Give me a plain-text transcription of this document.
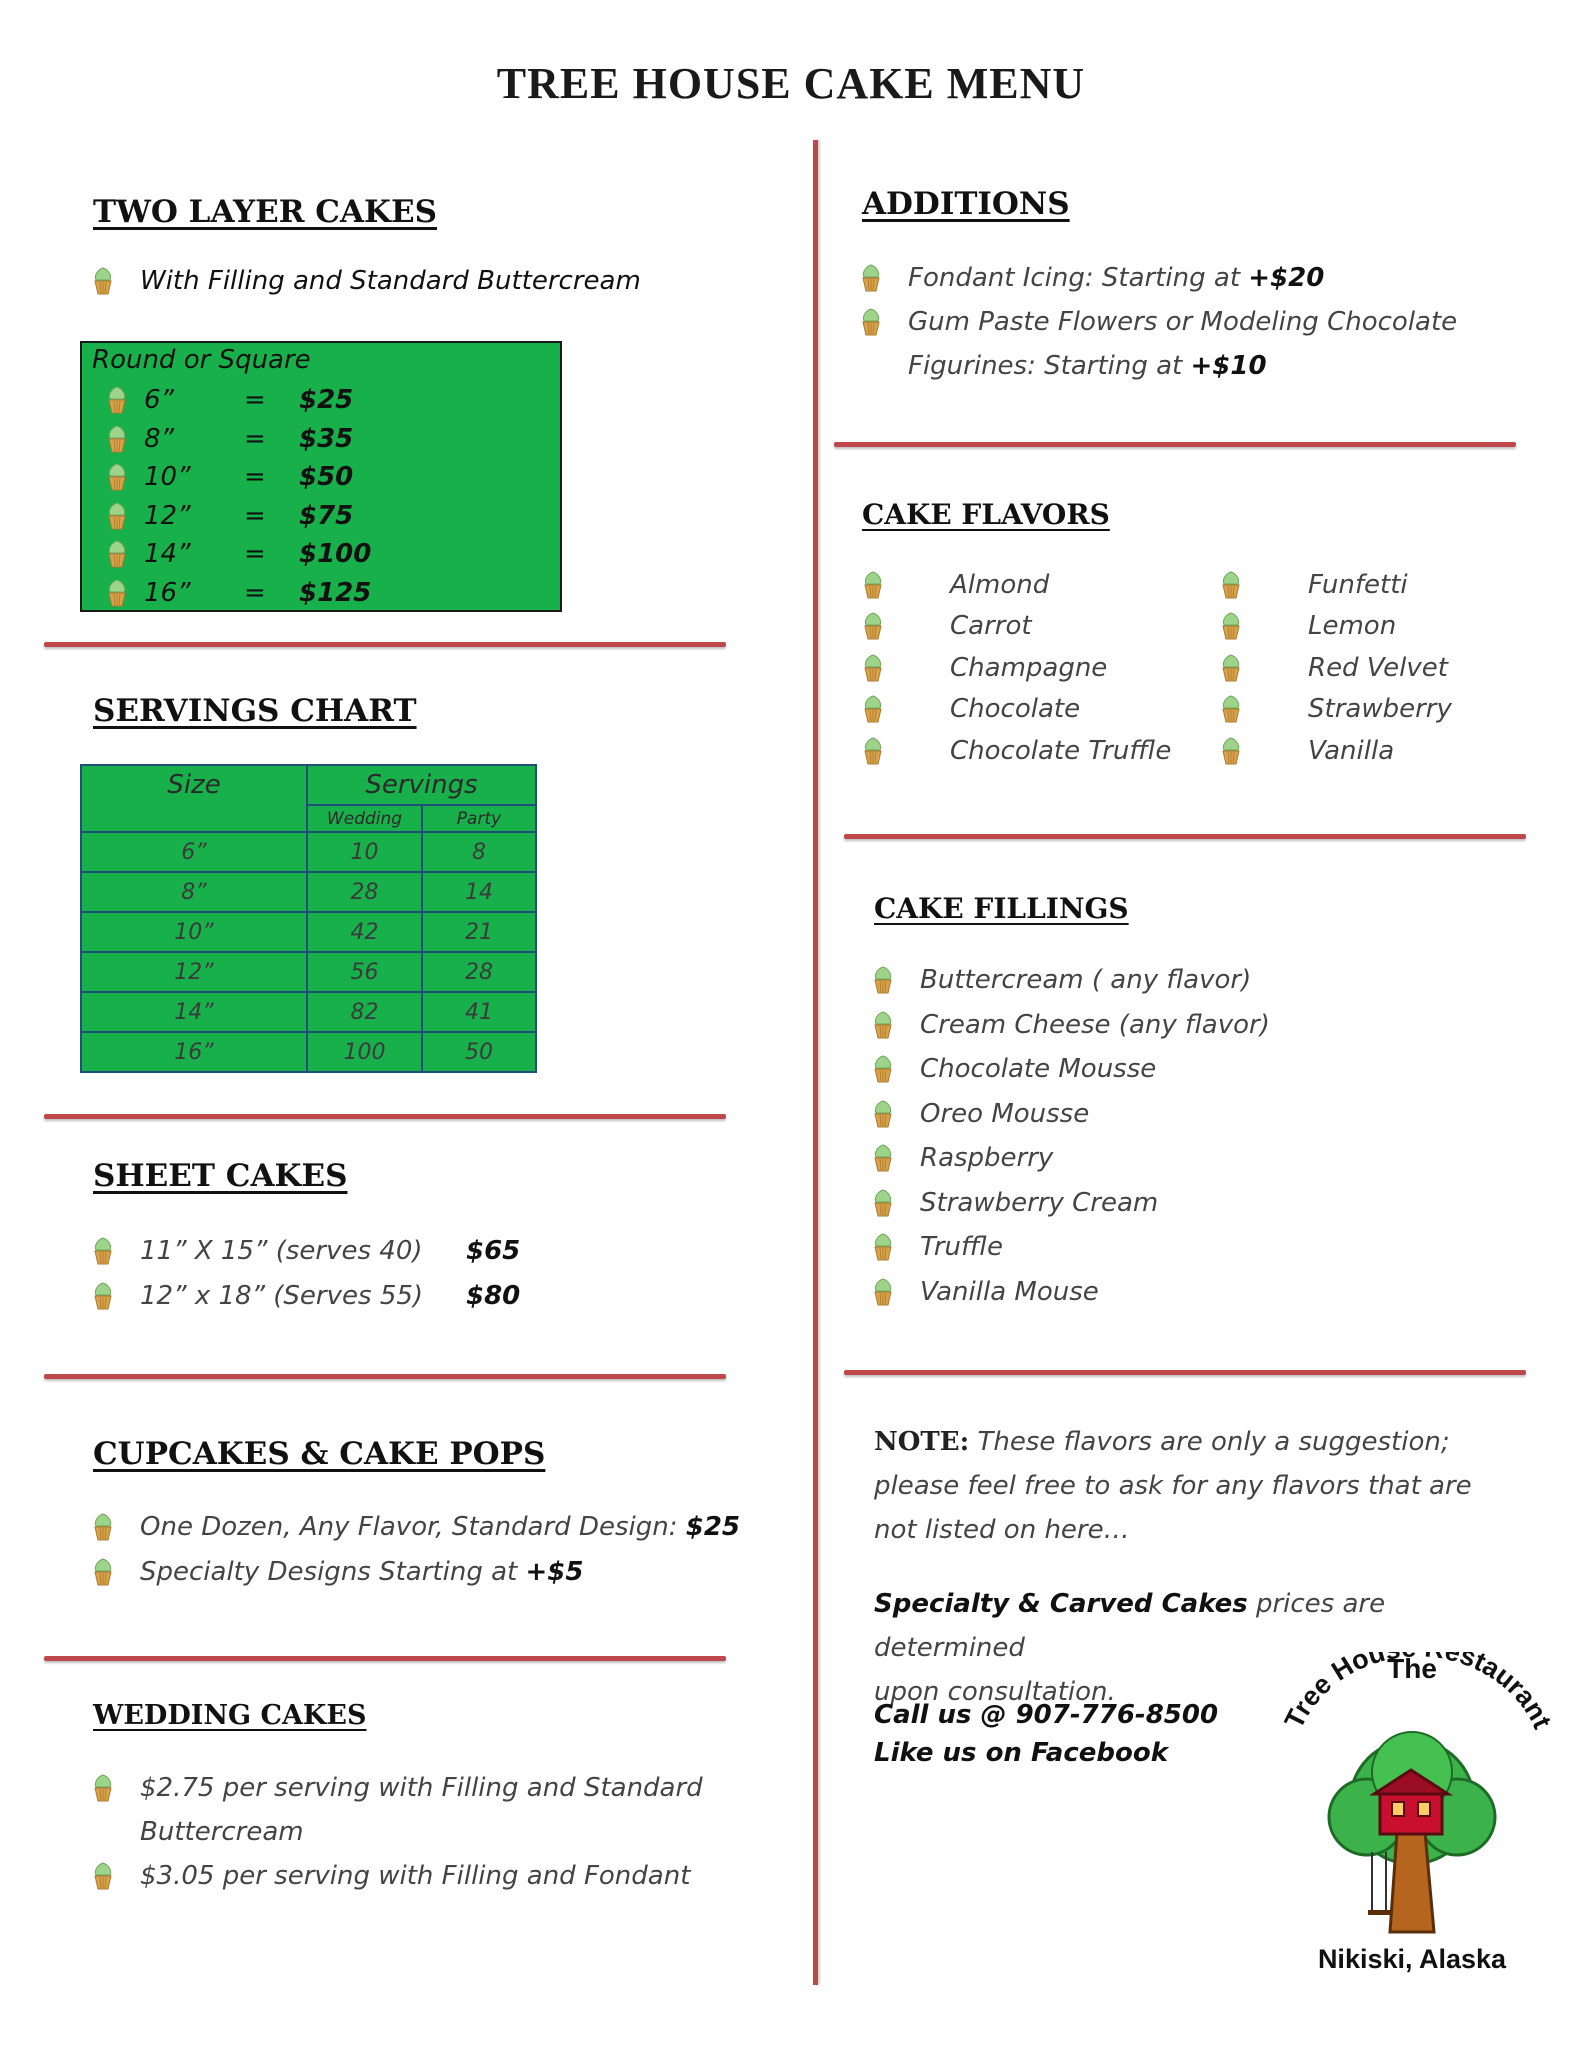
TREE HOUSE CAKE MENU
TWO LAYER CAKES
With Filling and Standard Buttercream
Round or Square
6”	=	$25
8”	=	$35
10”	=	$50
12”	=	$75
14”	=	$100
16”	=	$125
SERVINGS CHART
Size	Servings	
	Wedding	Party
6”	10	8
8”	28	14
10”	42	21
12”	56	28
14”	82	41
16”	100	50
SHEET CAKES
11” X 15” (serves 40)	$65
12” x 18” (Serves 55)	$80
CUPCAKES & CAKE POPS
One Dozen, Any Flavor, Standard Design:
$25
Specialty Designs Starting at
+$5
WEDDING CAKES
$2.75 per serving with Filling and Standard
Buttercream
$3.05 per serving with Filling and Fondant
ADDITIONS
Fondant Icing: Starting at
+$20
Gum Paste Flowers or Modeling Chocolate
Figurines: Starting at +$10
CAKE FLAVORS
Almond
Carrot
Champagne
Chocolate
Chocolate Truffle
Funfetti
Lemon
Red Velvet
Strawberry
Vanilla
CAKE FILLINGS
Buttercream ( any flavor)
Cream Cheese (any flavor)
Chocolate Mousse
Oreo Mousse
Raspberry
Strawberry Cream
Truffle
Vanilla Mouse
NOTE: These flavors are only a suggestion;
please feel free to ask for any flavors that are
not listed on here…
Specialty & Carved Cakes prices are determined
upon consultation.
Call us @ 907-776-8500
Like us on Facebook
The
Tree Hou staurant
Nikiski, Alaska
